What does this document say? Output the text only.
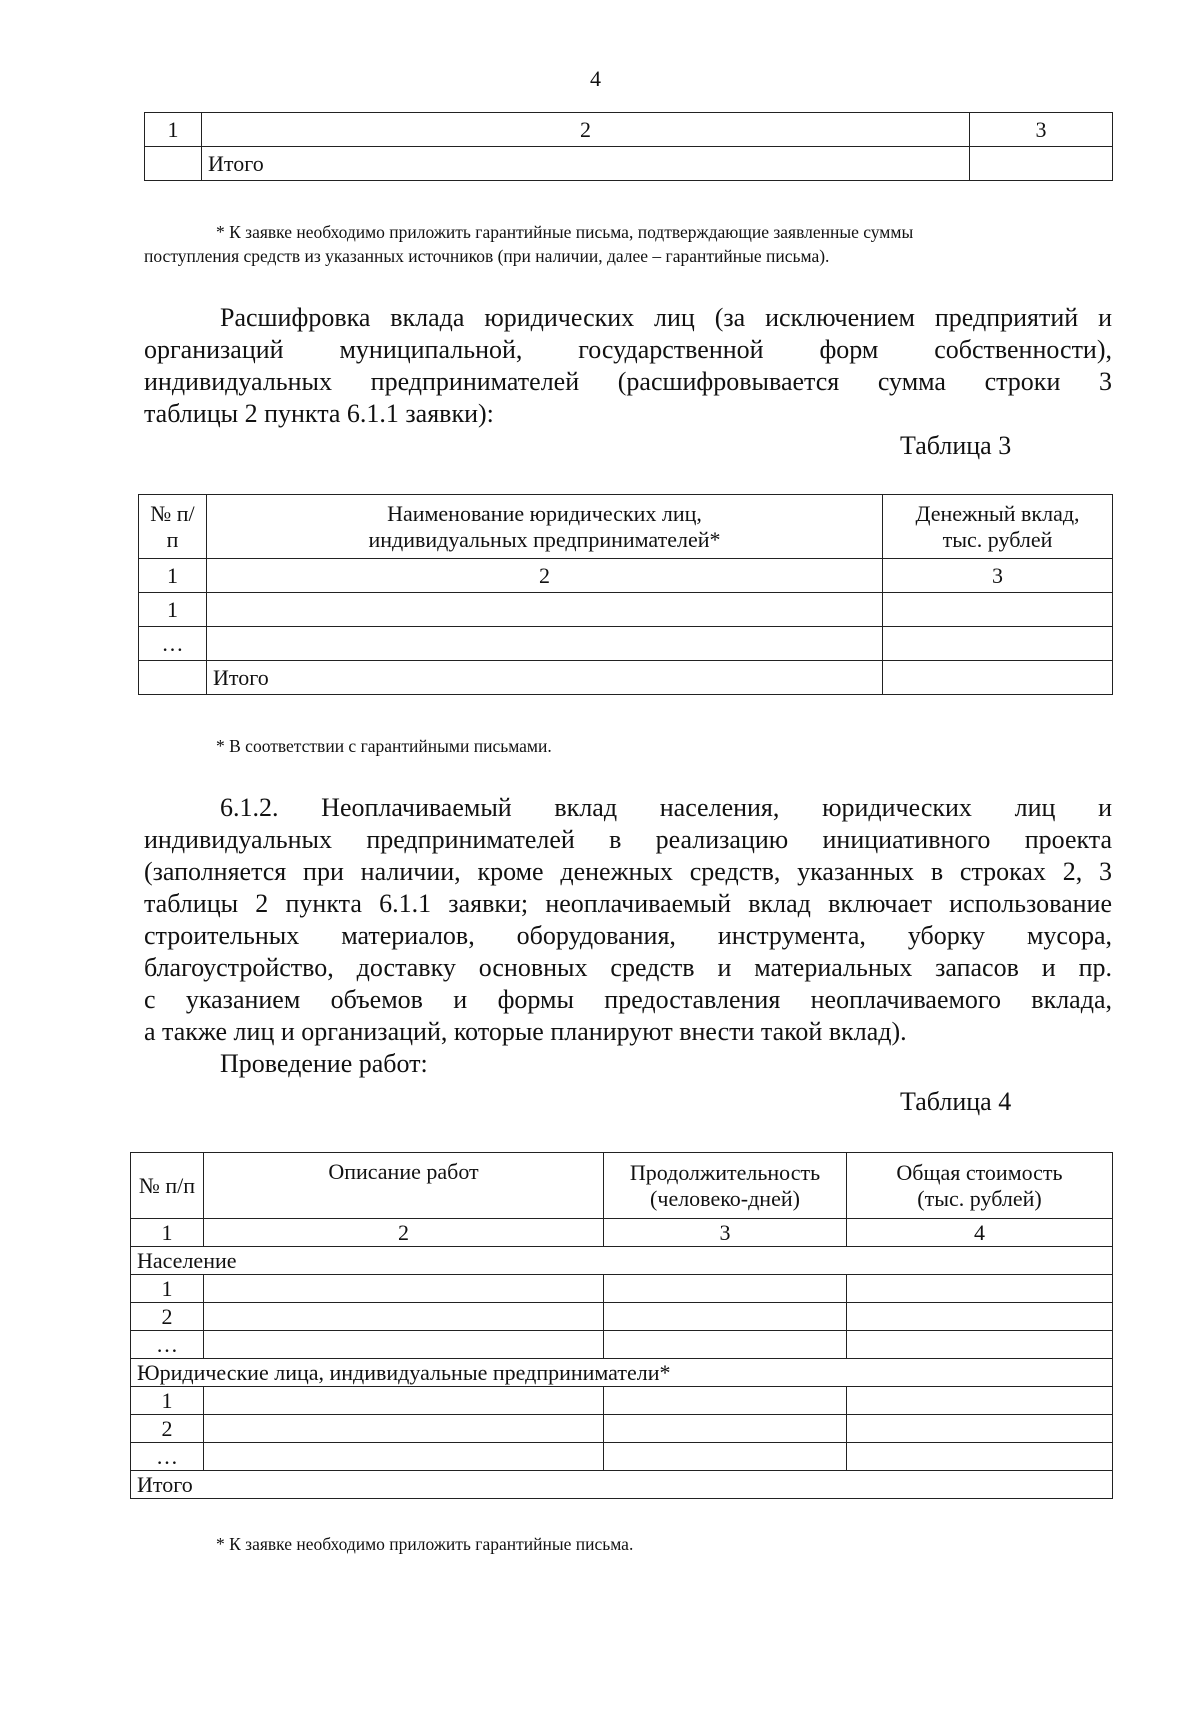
4
1	2	3
	Итого	
* К заявке необходимо приложить гарантийные письма, подтверждающие заявленные суммы
поступления средств из указанных источников (при наличии, далее – гарантийные письма).
Расшифровка вклада юридических лиц (за исключением предприятий и
организаций муниципальной, государственной форм собственности),
индивидуальных предпринимателей (расшифровывается сумма строки 3
таблицы 2 пункта 6.1.1 заявки):
Таблица 3
№ п/п	Наименование юридических лиц, индивидуальных предпринимателей*	Денежный вклад, тыс. рублей
1	2	3
1		
…		
	Итого	
* В соответствии с гарантийными письмами.
6.1.2. Неоплачиваемый вклад населения, юридических лиц и
индивидуальных предпринимателей в реализацию инициативного проекта
(заполняется при наличии, кроме денежных средств, указанных в строках 2, 3
таблицы 2 пункта 6.1.1 заявки; неоплачиваемый вклад включает использование
строительных материалов, оборудования, инструмента, уборку мусора,
благоустройство, доставку основных средств и материальных запасов и пр.
с указанием объемов и формы предоставления неоплачиваемого вклада,
а также лиц и организаций, которые планируют внести такой вклад).
Проведение работ:
Таблица 4
№ п/п	Описание работ	Продолжительность (человеко-дней)	Общая стоимость (тыс. рублей)
1	2	3	4
Население			
1			
2			
…			
Юридические лица, индивидуальные предприниматели*			
1			
2			
…			
Итого			
* К заявке необходимо приложить гарантийные письма.
